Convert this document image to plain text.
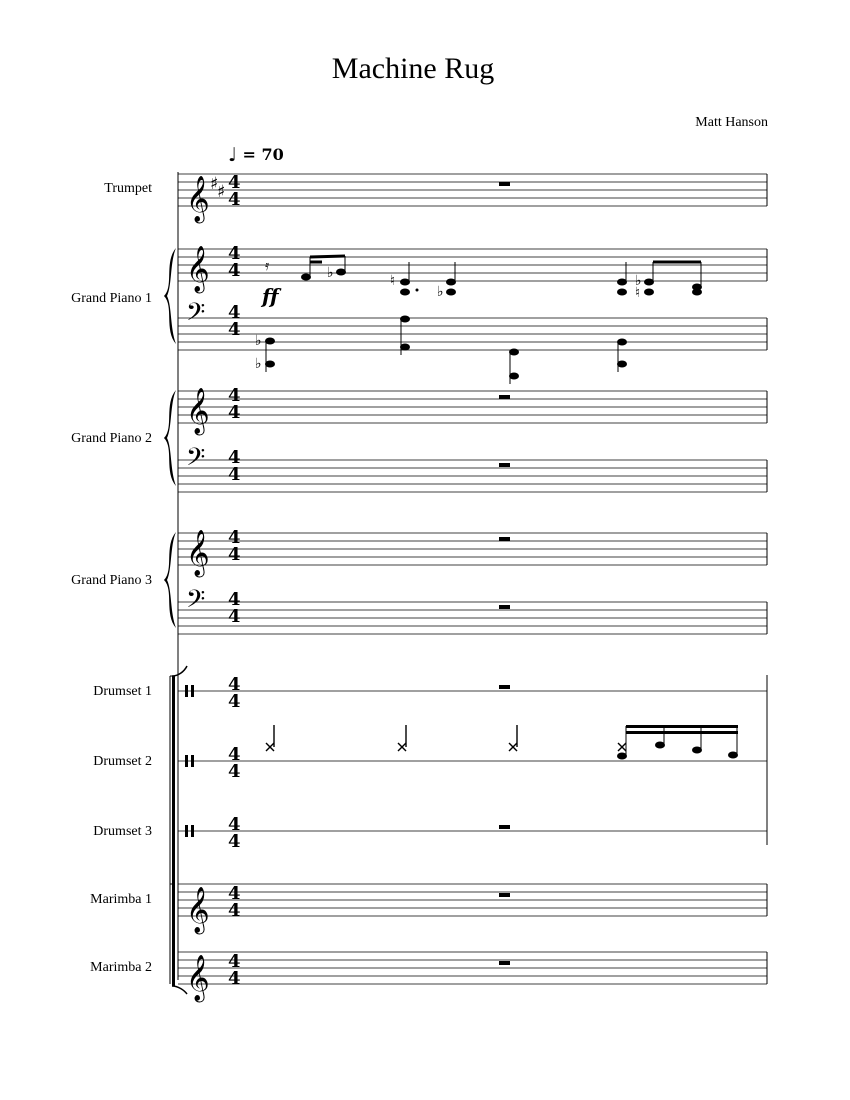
Machine Rug
Matt Hanson
♩ = 70
Trumpet
Grand Piano 1
Grand Piano 2
Grand Piano 3
Drumset 1
Drumset 2
Drumset 3
Marimba 1
Marimba 2
𝄞 ♯
♯ 4
4
𝄞 4
4 𝄿
ff
♭	♮
♭	♮
♭
𝄢 4
4
♭
♭
𝄞 4
4
𝄢 4
4
𝄞 4
4
𝄢 4
4
4
4
4
4
4
4
𝄞 4
4
𝄞 4
4
